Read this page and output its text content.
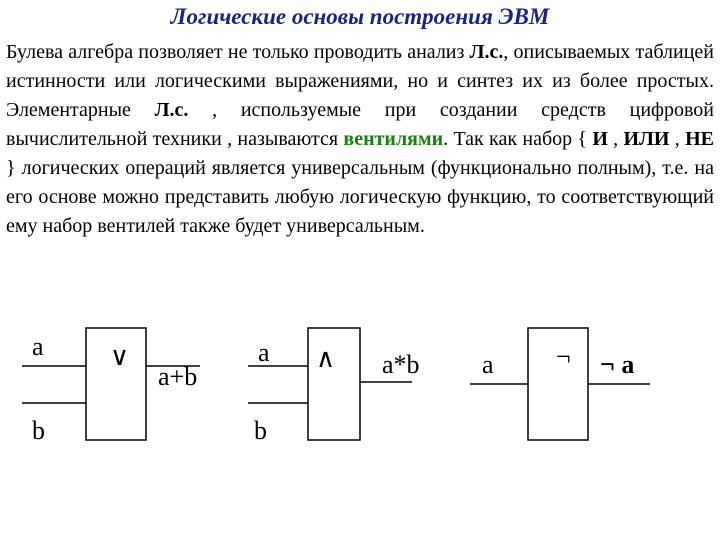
Логические основы построения ЭВМ
Булева алгебра позволяет не только проводить анализ Л.с., описываемых таблицей истинности или логическими выражениями, но и синтез их из более простых. Элементарные Л.с. , используемые при создании средств цифровой вычислительной техники , называются вентилями. Так как набор { И , ИЛИ , НЕ } логических операций является универсальным (функционально полным), т.е. на его основе можно представить любую логическую функцию, то соответствующий ему набор вентилей также будет универсальным.
a
b
∨
a+b
a
b
∧ a*b a ¬ ¬ a
